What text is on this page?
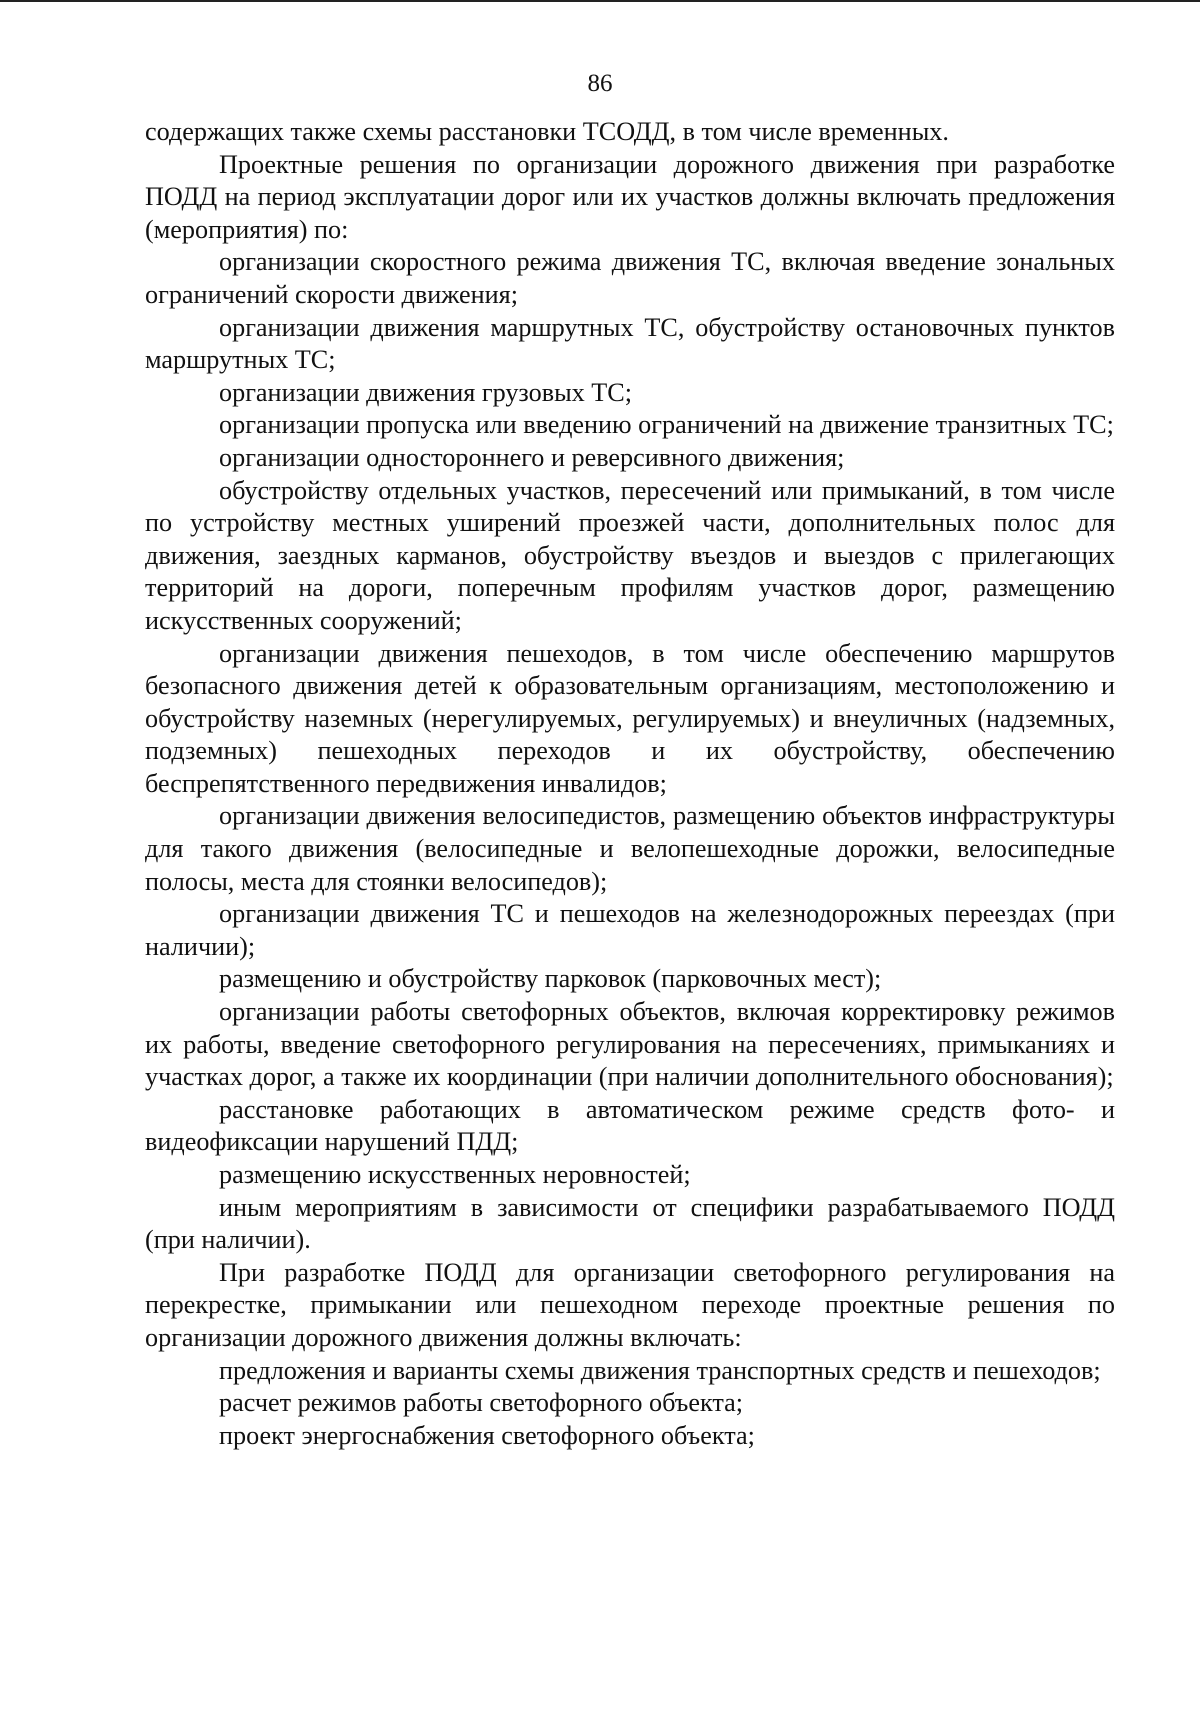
86

содержащих также схемы расстановки ТСОДД, в том числе временных.

Проектные решения по организации дорожного движения при разработке ПОДД на период эксплуатации дорог или их участков должны включать предложения (мероприятия) по:

организации скоростного режима движения ТС, включая введение зональных ограничений скорости движения;

организации движения маршрутных ТС, обустройству остановочных пунктов маршрутных ТС;

организации движения грузовых ТС;

организации пропуска или введению ограничений на движение транзитных ТС;

организации одностороннего и реверсивного движения;

обустройству отдельных участков, пересечений или примыканий, в том числе по устройству местных уширений проезжей части, дополнительных полос для движения, заездных карманов, обустройству въездов и выездов с прилегающих территорий на дороги, поперечным профилям участков дорог, размещению искусственных сооружений;

организации движения пешеходов, в том числе обеспечению маршрутов безопасного движения детей к образовательным организациям, местоположению и обустройству наземных (нерегулируемых, регулируемых) и внеуличных (надземных, подземных) пешеходных переходов и их обустройству, обеспечению беспрепятственного передвижения инвалидов;

организации движения велосипедистов, размещению объектов инфраструктуры для такого движения (велосипедные и велопешеходные дорожки, велосипедные полосы, места для стоянки велосипедов);

организации движения ТС и пешеходов на железнодорожных переездах (при наличии);

размещению и обустройству парковок (парковочных мест);

организации работы светофорных объектов, включая корректировку режимов их работы, введение светофорного регулирования на пересечениях, примыканиях и участках дорог, а также их координации (при наличии дополнительного обоснования);

расстановке работающих в автоматическом режиме средств фото- и видеофиксации нарушений ПДД;

размещению искусственных неровностей;

иным мероприятиям в зависимости от специфики разрабатываемого ПОДД (при наличии).

При разработке ПОДД для организации светофорного регулирования на перекрестке, примыкании или пешеходном переходе проектные решения по организации дорожного движения должны включать:

предложения и варианты схемы движения транспортных средств и пешеходов;

расчет режимов работы светофорного объекта;

проект энергоснабжения светофорного объекта;
